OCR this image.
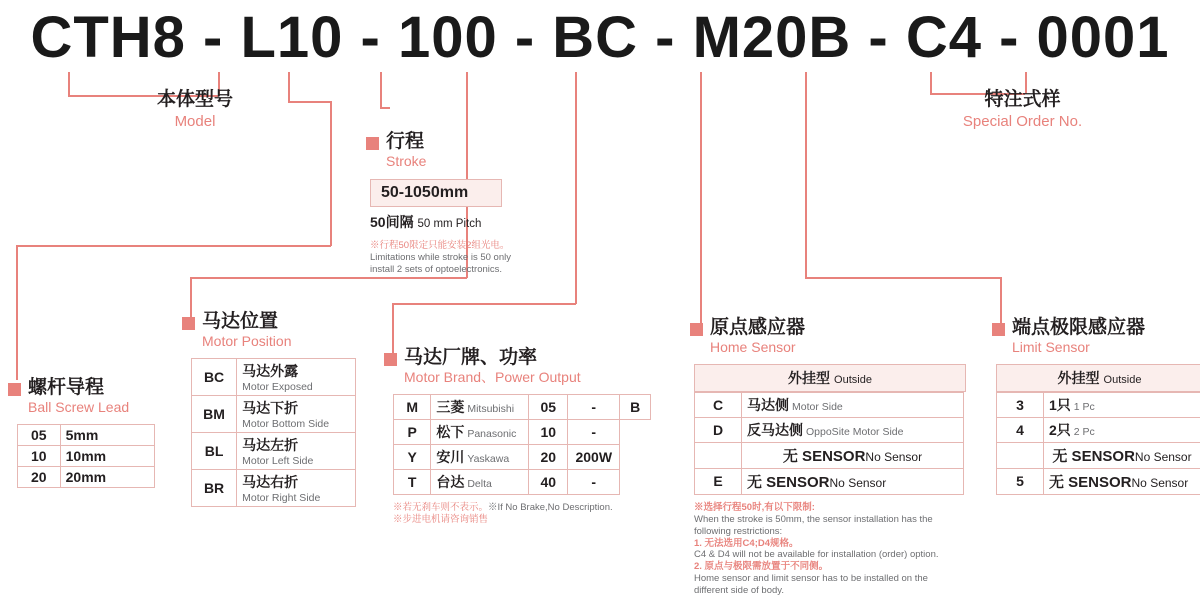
CTH8 - L10 - 100 - BC - M20B - C4 - 0001
本体型号
Model
特注式样
Special Order No.
行程
Stroke
50-1050mm
50间隔 50 mm Pitch
※行程50限定只能安装2组光电。
Limitations while stroke is 50 only
install 2 sets of optoelectronics.
螺杆导程
Ball Screw Lead
05	5mm
10	10mm
20	20mm
马达位置
Motor Position
BC	马达外露
Motor Exposed

BM	马达下折
Motor Bottom Side

BL	马达左折
Motor Left Side

BR	马达右折
Motor Right Side
马达厂牌、功率
Motor Brand、Power Output
M	三菱 Mitsubishi	05	-	B
P	松下 Panasonic	10	-	
Y	安川 Yaskawa	20	200W	
T	台达 Delta	40	-	
※若无刹车则不表示。※If No Brake,No Description.
※步进电机请咨询销售
原点感应器
Home Sensor
外挂型 Outside
C	马达侧 Motor Side
D	反马达侧 OppoSite Motor Side
	无 SENSORNo Sensor
E	无 SENSORNo Sensor
※选择行程50时,有以下限制:
When the stroke is 50mm, the sensor installation has the following restrictions:
1. 无法选用C4;D4规格。
C4 & D4 will not be available for installation (order) option.
2. 原点与极限需放置于不同侧。
Home sensor and limit sensor has to be installed on the different side of body.
端点极限感应器
Limit Sensor
外挂型 Outside
3	1只 1 Pc
4	2只 2 Pc
	无 SENSORNo Sensor
5	无 SENSORNo Sensor
